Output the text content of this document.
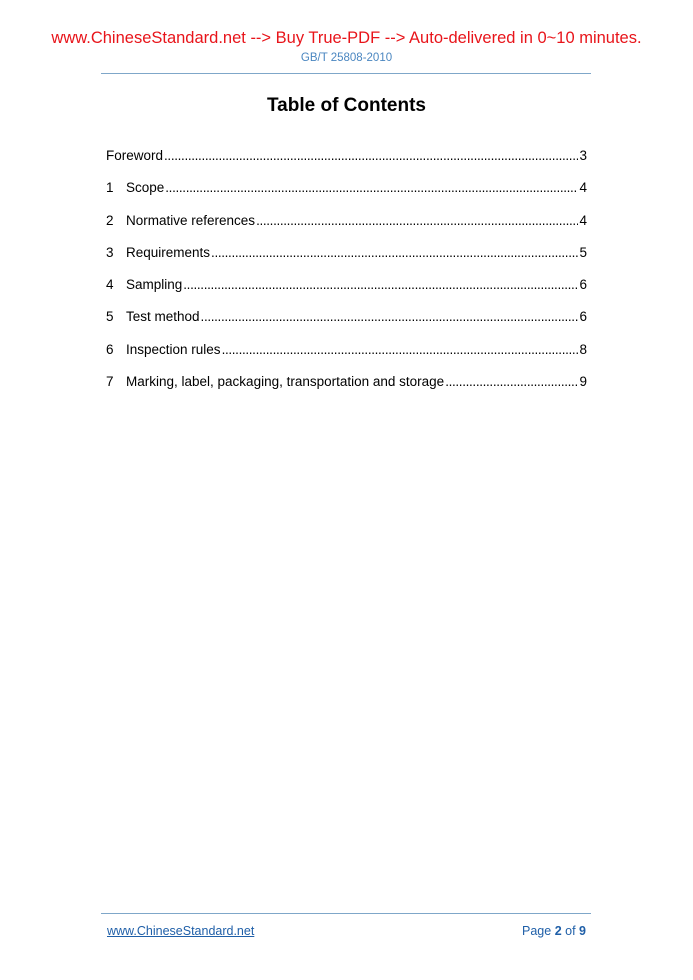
www.ChineseStandard.net --> Buy True-PDF --> Auto-delivered in 0~10 minutes.
GB/T 25808-2010
Table of Contents
Foreword . . .	3
1 Scope . . .	4
2 Normative references . . .	4
3 Requirements . . .	5
4 Sampling . . .	6
5 Test method . . .	6
6 Inspection rules . . .	8
7 Marking, label, packaging, transportation and storage . . .	9
www.ChineseStandard.net	Page 2 of 9
